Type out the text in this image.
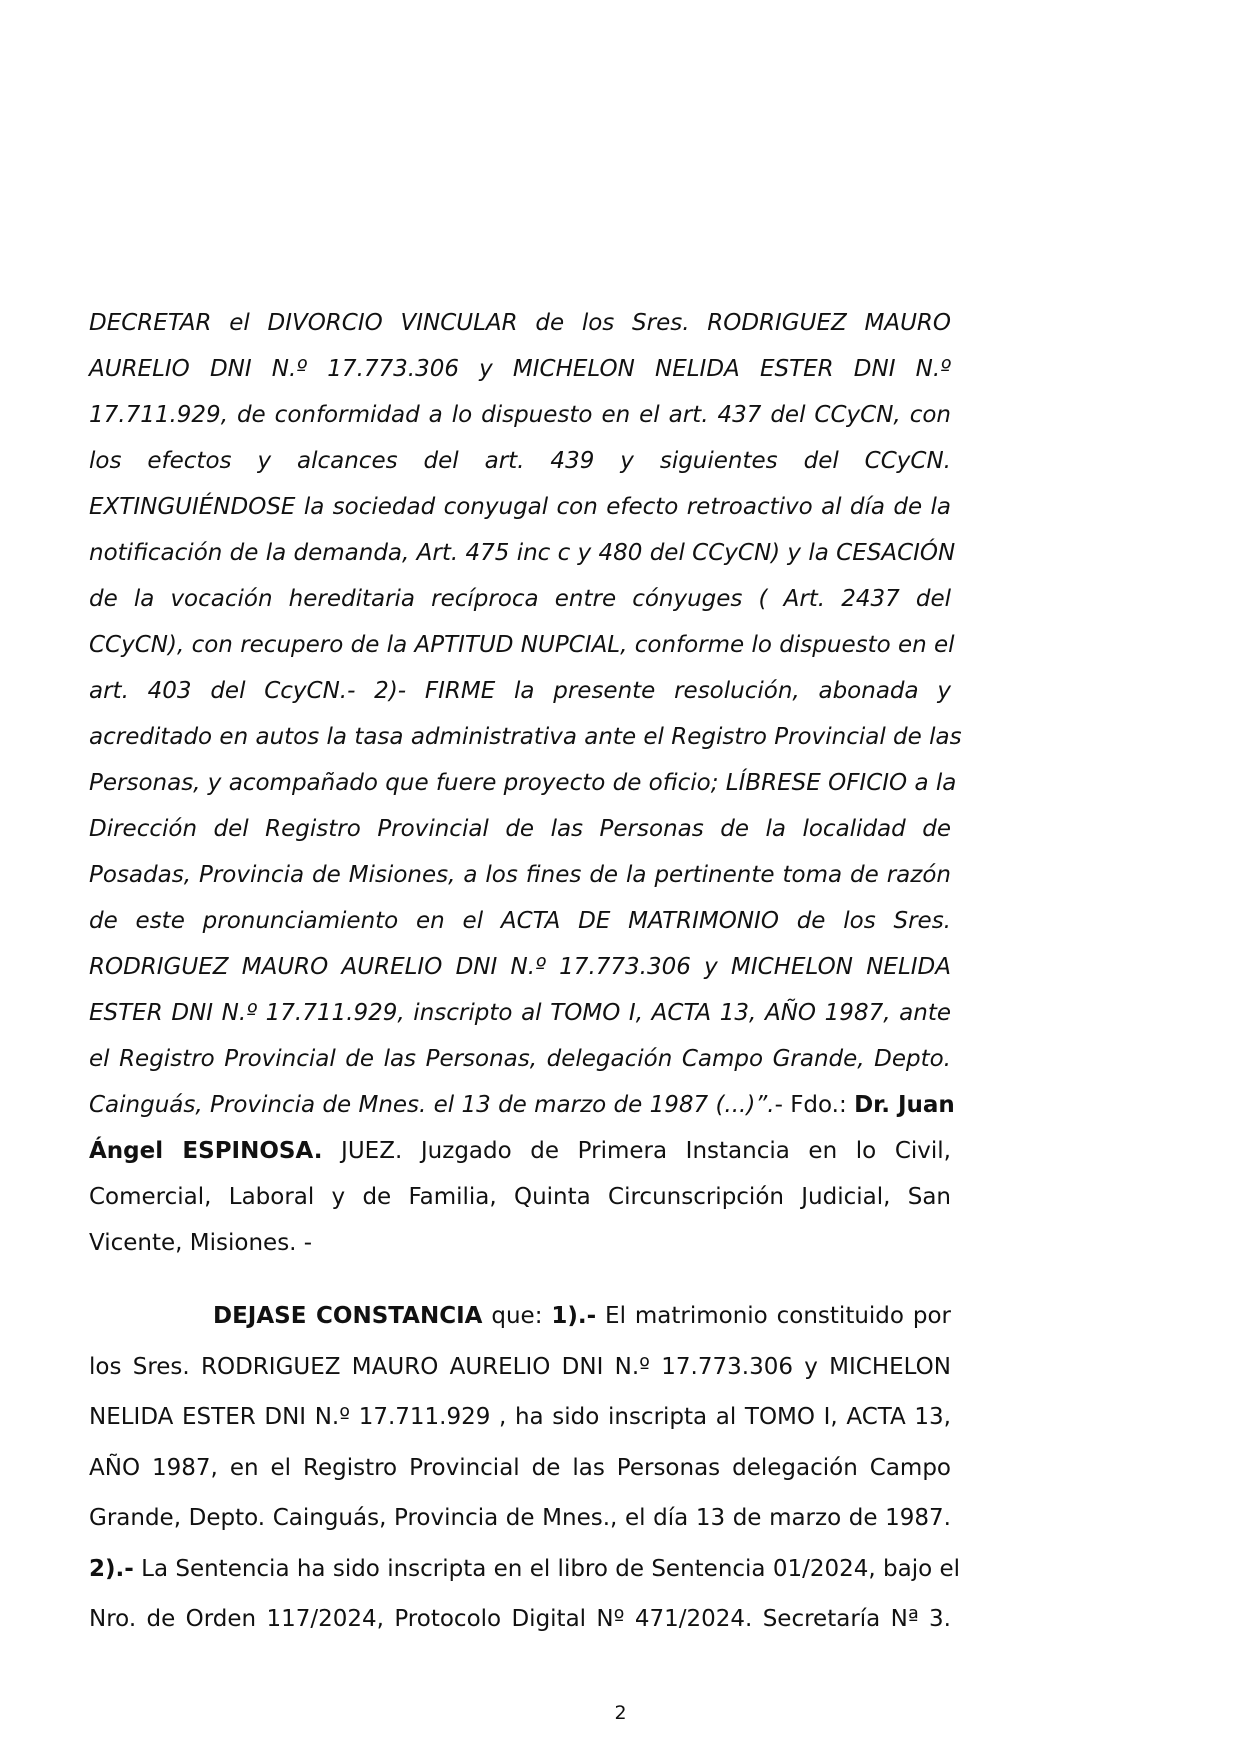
DECRETAR el DIVORCIO VINCULAR de los Sres. RODRIGUEZ MAURO
AURELIO DNI N.º 17.773.306 y MICHELON NELIDA ESTER DNI N.º
17.711.929, de conformidad a lo dispuesto en el art. 437 del CCyCN, con
los efectos y alcances del art. 439 y siguientes del CCyCN.
EXTINGUIÉNDOSE la sociedad conyugal con efecto retroactivo al día de la
notificación de la demanda, Art. 475 inc c y 480 del CCyCN) y la CESACIÓN
de la vocación hereditaria recíproca entre cónyuges ( Art. 2437 del
CCyCN), con recupero de la APTITUD NUPCIAL, conforme lo dispuesto en el
art. 403 del CcyCN.- 2)- FIRME la presente resolución, abonada y
acreditado en autos la tasa administrativa ante el Registro Provincial de las
Personas, y acompañado que fuere proyecto de oficio; LÍBRESE OFICIO a la
Dirección del Registro Provincial de las Personas de la localidad de
Posadas, Provincia de Misiones, a los fines de la pertinente toma de razón
de este pronunciamiento en el ACTA DE MATRIMONIO de los Sres.
RODRIGUEZ MAURO AURELIO DNI N.º 17.773.306 y MICHELON NELIDA
ESTER DNI N.º 17.711.929, inscripto al TOMO I, ACTA 13, AÑO 1987, ante
el Registro Provincial de las Personas, delegación Campo Grande, Depto.
Cainguás, Provincia de Mnes. el 13 de marzo de 1987 (...)”.- Fdo.: Dr. Juan
Ángel ESPINOSA. JUEZ. Juzgado de Primera Instancia en lo Civil,
Comercial, Laboral y de Familia, Quinta Circunscripción Judicial, San
Vicente, Misiones. -

DEJASE CONSTANCIA que: 1).- El matrimonio constituido por
los Sres. RODRIGUEZ MAURO AURELIO DNI N.º 17.773.306 y MICHELON
NELIDA ESTER DNI N.º 17.711.929 , ha sido inscripta al TOMO I, ACTA 13,
AÑO 1987, en el Registro Provincial de las Personas delegación Campo
Grande, Depto. Cainguás, Provincia de Mnes., el día 13 de marzo de 1987.
2).- La Sentencia ha sido inscripta en el libro de Sentencia 01/2024, bajo el
Nro. de Orden 117/2024, Protocolo Digital Nº 471/2024. Secretaría Nª 3.

2
